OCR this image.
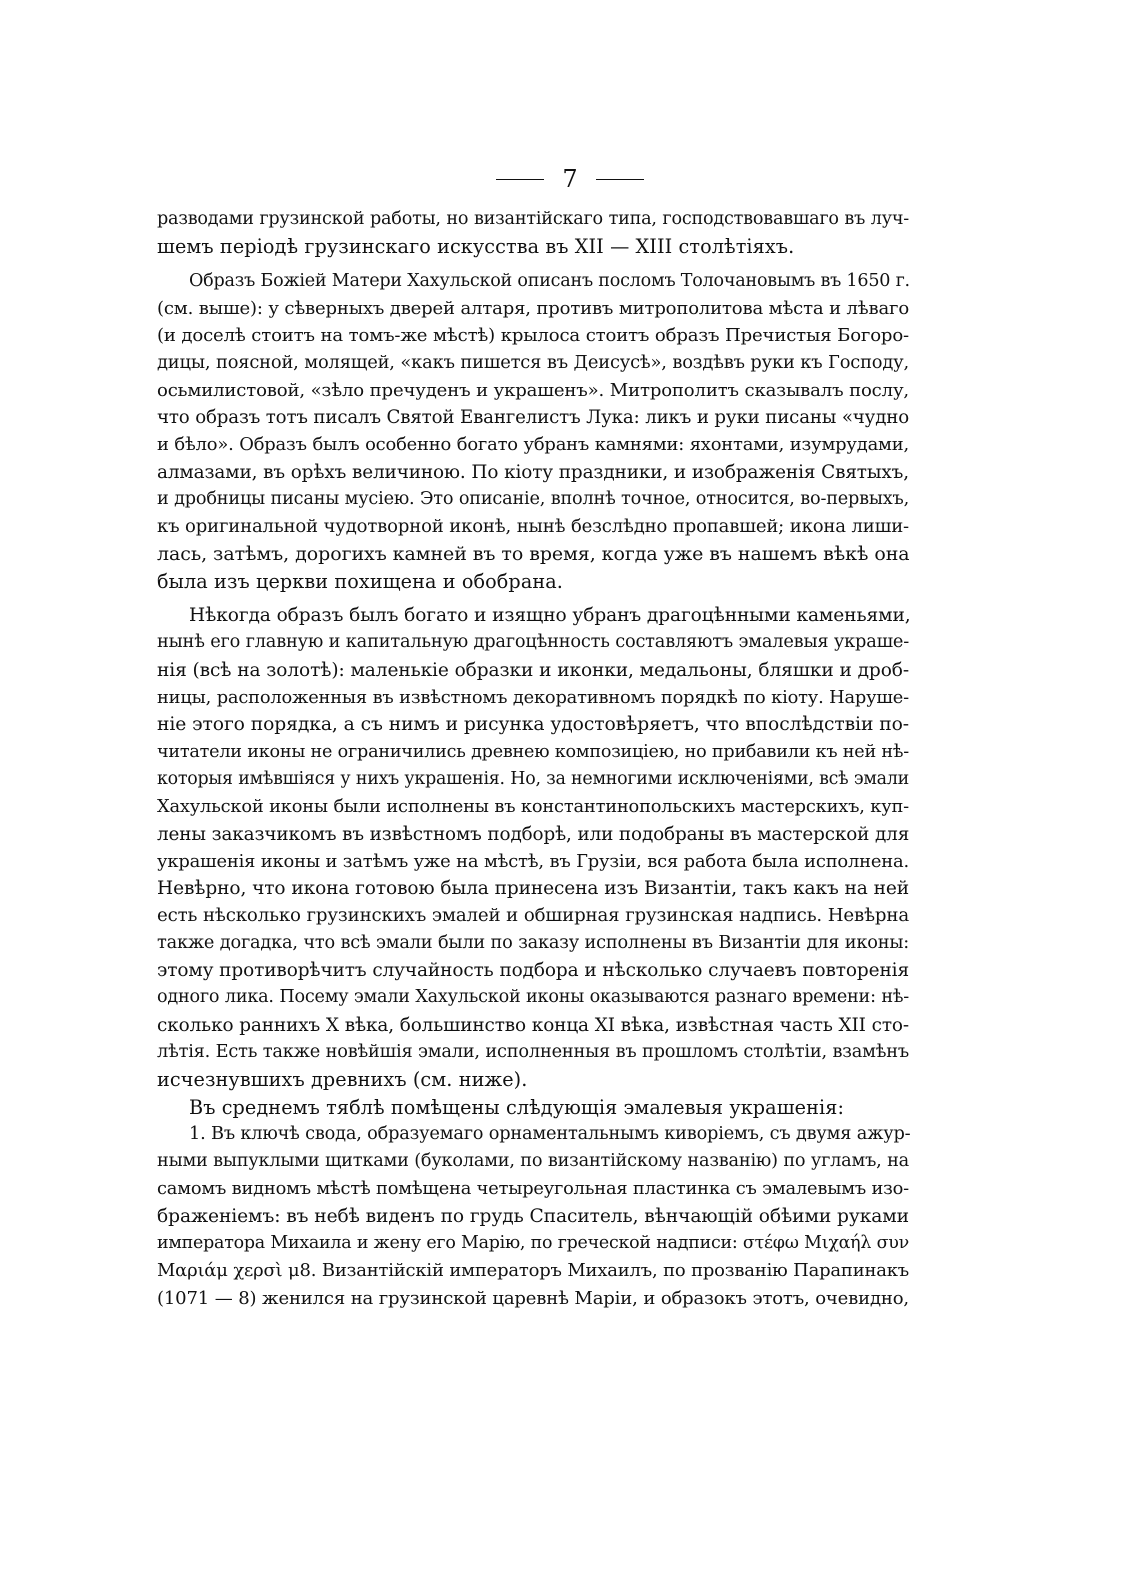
7
разводами грузинской работы, но византійскаго типа, господствовавшаго въ луч-
шемъ періодѣ грузинскаго искусства въ XII — XIII столѣтіяхъ.
Образъ Божіей Матери Хахульской описанъ посломъ Толочановымъ въ 1650 г.
(см. выше): у сѣверныхъ дверей алтаря, противъ митрополитова мѣста и лѣваго
(и доселѣ стоитъ на томъ-же мѣстѣ) крылоса стоитъ образъ Пречистыя Богоро-
дицы, поясной, молящей, «какъ пишется въ Деисусѣ», воздѣвъ руки къ Господу,
осьмилистовой, «зѣло пречуденъ и украшенъ». Митрополитъ сказывалъ послу,
что образъ тотъ писалъ Святой Евангелистъ Лука: ликъ и руки писаны «чудно
и бѣло». Образъ былъ особенно богато убранъ камнями: яхонтами, изумрудами,
алмазами, въ орѣхъ величиною. По кіоту праздники, и изображенія Святыхъ,
и дробницы писаны мусіею. Это описаніе, вполнѣ точное, относится, во-первыхъ,
къ оригинальной чудотворной иконѣ, нынѣ безслѣдно пропавшей; икона лиши-
лась, затѣмъ, дорогихъ камней въ то время, когда уже въ нашемъ вѣкѣ она
была изъ церкви похищена и обобрана.
Нѣкогда образъ былъ богато и изящно убранъ драгоцѣнными каменьями,
нынѣ его главную и капитальную драгоцѣнность составляютъ эмалевыя украше-
нія (всѣ на золотѣ): маленькіе образки и иконки, медальоны, бляшки и дроб-
ницы, расположенныя въ извѣстномъ декоративномъ порядкѣ по кіоту. Наруше-
ніе этого порядка, а съ нимъ и рисунка удостовѣряетъ, что впослѣдствіи по-
читатели иконы не ограничились древнею композиціею, но прибавили къ ней нѣ-
которыя имѣвшіяся у нихъ украшенія. Но, за немногими исключеніями, всѣ эмали
Хахульской иконы были исполнены въ константинопольскихъ мастерскихъ, куп-
лены заказчикомъ въ извѣстномъ подборѣ, или подобраны въ мастерской для
украшенія иконы и затѣмъ уже на мѣстѣ, въ Грузіи, вся работа была исполнена.
Невѣрно, что икона готовою была принесена изъ Византіи, такъ какъ на ней
есть нѣсколько грузинскихъ эмалей и обширная грузинская надпись. Невѣрна
также догадка, что всѣ эмали были по заказу исполнены въ Византіи для иконы:
этому противорѣчитъ случайность подбора и нѣсколько случаевъ повторенія
одного лика. Посему эмали Хахульской иконы оказываются разнаго времени: нѣ-
сколько раннихъ X вѣка, большинство конца XI вѣка, извѣстная часть XII сто-
лѣтія. Есть также новѣйшія эмали, исполненныя въ прошломъ столѣтіи, взамѣнъ
исчезнувшихъ древнихъ (см. ниже).
Въ среднемъ тяблѣ помѣщены слѣдующія эмалевыя украшенія:
1. Въ ключѣ свода, образуемаго орнаментальнымъ киворіемъ, съ двумя ажур-
ными выпуклыми щитками (буколами, по византійскому названію) по угламъ, на
самомъ видномъ мѣстѣ помѣщена четыреугольная пластинка съ эмалевымъ изо-
браженіемъ: въ небѣ виденъ по грудь Спаситель, вѣнчающій обѣими руками
императора Михаила и жену его Марію, по греческой надписи: στέφω Μιχαήλ συν
Μαριάμ χερσὶ μ8. Византійскій императоръ Михаилъ, по прозванію Парапинакъ
(1071 — 8) женился на грузинской царевнѣ Маріи, и образокъ этотъ, очевидно,
